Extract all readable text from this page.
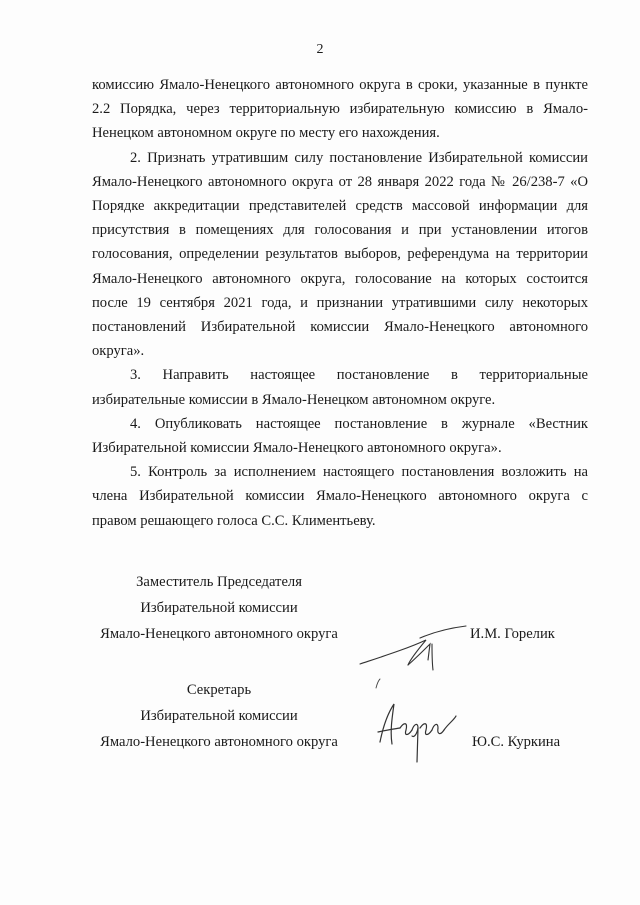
2

комиссию Ямало-Ненецкого автономного округа в сроки, указанные в пункте 2.2 Порядка, через территориальную избирательную комиссию в Ямало-Ненецком автономном округе по месту его нахождения.

2. Признать утратившим силу постановление Избирательной комиссии Ямало-Ненецкого автономного округа от 28 января 2022 года № 26/238-7 «О Порядке аккредитации представителей средств массовой информации для присутствия в помещениях для голосования и при установлении итогов голосования, определении результатов выборов, референдума на территории Ямало-Ненецкого автономного округа, голосование на которых состоится после 19 сентября 2021 года, и признании утратившими силу некоторых постановлений Избирательной комиссии Ямало-Ненецкого автономного округа».

3. Направить настоящее постановление в территориальные избирательные комиссии в Ямало-Ненецком автономном округе.

4. Опубликовать настоящее постановление в журнале «Вестник Избирательной комиссии Ямало-Ненецкого автономного округа».

5. Контроль за исполнением настоящего постановления возложить на члена Избирательной комиссии Ямало-Ненецкого автономного округа с правом решающего голоса С.С. Климентьеву.

Заместитель Председателя
Избирательной комиссии
Ямало-Ненецкого автономного округа	И.М. Горелик
Секретарь
Избирательной комиссии
Ямало-Ненецкого автономного округа	Ю.С. Куркина
